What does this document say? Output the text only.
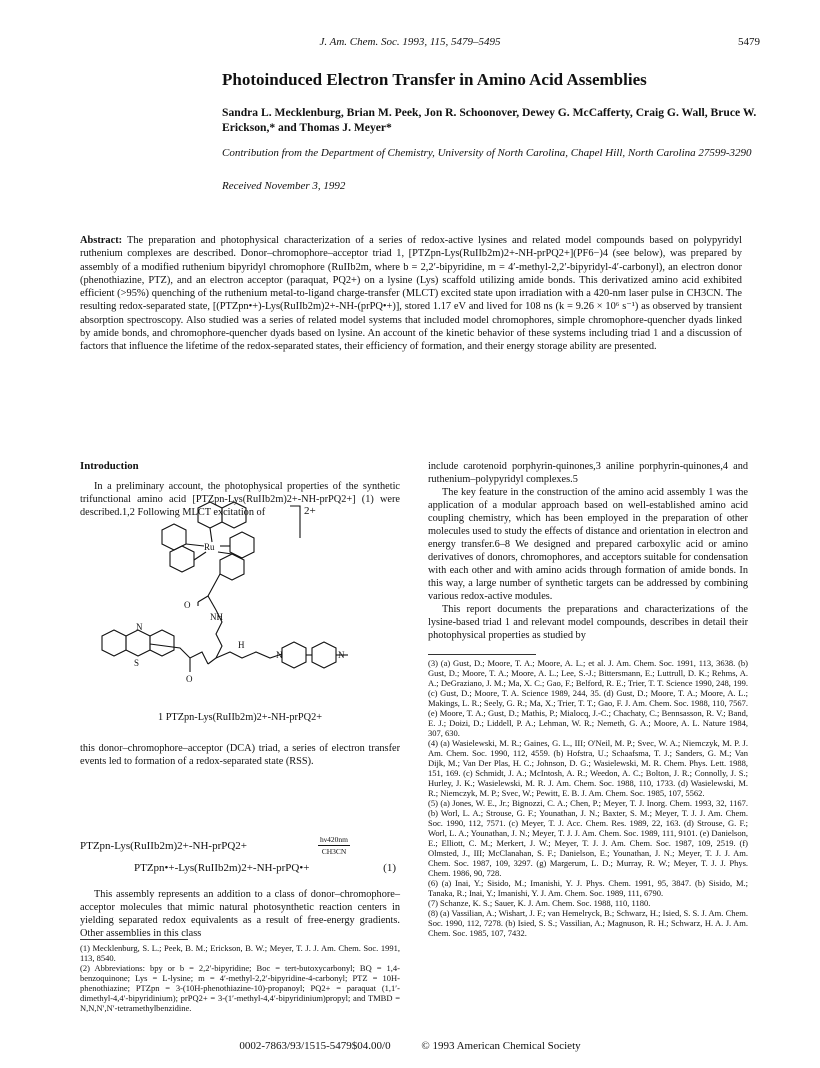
J. Am. Chem. Soc. 1993, 115, 5479–5495	5479
Photoinduced Electron Transfer in Amino Acid Assemblies
Sandra L. Mecklenburg, Brian M. Peek, Jon R. Schoonover, Dewey G. McCafferty, Craig G. Wall, Bruce W. Erickson,* and Thomas J. Meyer*
Contribution from the Department of Chemistry, University of North Carolina, Chapel Hill, North Carolina 27599-3290
Received November 3, 1992
Abstract: The preparation and photophysical characterization of a series of redox-active lysines and related model compounds based on polypyridyl ruthenium complexes are described. Donor–chromophore–acceptor triad 1, [PTZpn-Lys(RuIIb2m)2+-NH-prPQ2+](PF6−)4 (see below), was prepared by assembly of a modified ruthenium bipyridyl chromophore (RuIIb2m, where b = 2,2′-bipyridine, m = 4′-methyl-2,2′-bipyridyl-4′-carbonyl), an electron donor (phenothiazine, PTZ), and an electron acceptor (paraquat, PQ2+) on a lysine (Lys) scaffold utilizing amide bonds. This derivatized amino acid exhibited efficient (>95%) quenching of the ruthenium metal-to-ligand charge-transfer (MLCT) excited state upon irradiation with a 420-nm laser pulse in CH3CN. The resulting redox-separated state, [(PTZpn•+)-Lys(RuIIb2m)2+-NH-(prPQ•+)], stored 1.17 eV and lived for 108 ns (k = 9.26 × 10⁶ s⁻¹) as observed by transient absorption spectroscopy. Also studied was a series of related model systems that included model chromophores, simple chromophore-quencher dyads linked by amide bonds, and chromophore-quencher dyads based on lysine. An account of the kinetic behavior of these systems including triad 1 and a discussion of factors that influence the lifetime of the redox-separated states, their efficiency of formation, and their energy storage ability are presented.
Introduction
In a preliminary account, the photophysical properties of the synthetic trifunctional amino acid [PTZpn-Lys(RuIIb2m)2+-NH-prPQ2+] (1) were described.1,2 Following MLCT excitation of	2+
Ru
O
NH
S
N
O
H
N	N
1 PTZpn-Lys(RuIIb2m)2+-NH-prPQ2+
this donor–chromophore–acceptor (DCA) triad, a series of electron transfer events led to formation of a redox-separated state (RSS).
PTZpn-Lys(RuIIb2m)2+-NH-prPQ2+
hν420nm
CH3CN
PTZpn•+-Lys(RuIIb2m)2+-NH-prPQ•+	(1)
This assembly represents an addition to a class of donor–chromophore–acceptor molecules that mimic natural photosynthetic reaction centers in yielding separated redox equivalents as a result of free-energy gradients. Other assemblies in this class
(1) Mecklenburg, S. L.; Peek, B. M.; Erickson, B. W.; Meyer, T. J. J. Am. Chem. Soc. 1991, 113, 8540.
(2) Abbreviations: bpy or b = 2,2′-bipyridine; Boc = tert-butoxycarbonyl; BQ = 1,4-benzoquinone; Lys = L-lysine; m = 4′-methyl-2,2′-bipyridine-4-carbonyl; PTZ = 10H-phenothiazine; PTZpn = 3-(10H-phenothiazine-10)-propanoyl; PQ2+ = paraquat (1,1′-dimethyl-4,4′-bipyridinium); prPQ2+ = 3-(1′-methyl-4,4′-bipyridinium)propyl; and TMBD = N,N,N′,N′-tetramethylbenzidine.
include carotenoid porphyrin-quinones,3 aniline porphyrin-quinones,4 and ruthenium–polypyridyl complexes.5
The key feature in the construction of the amino acid assembly 1 was the application of a modular approach based on well-established amino acid coupling chemistry, which has been employed in the preparation of other molecules used to study the effects of distance and orientation in electron and energy transfer.6–8 We designed and prepared carboxylic acid or amino derivatives of donors, chromophores, and acceptors suitable for condensation with each other and with amino acids through formation of amide bonds. In this way, a large number of synthetic targets can be addressed by combining various redox-active modules.
This report documents the preparations and characterizations of the lysine-based triad 1 and relevant model compounds, describes in detail their photophysical properties as studied by
(3) (a) Gust, D.; Moore, T. A.; Moore, A. L.; et al. J. Am. Chem. Soc. 1991, 113, 3638. (b) Gust, D.; Moore, T. A.; Moore, A. L.; Lee, S.-J.; Bittersmann, E.; Luttrull, D. K.; Rehms, A. A.; DeGraziano, J. M.; Ma, X. C.; Gao, F.; Belford, R. E.; Trier, T. T. Science 1990, 248, 199. (c) Gust, D.; Moore, T. A. Science 1989, 244, 35. (d) Gust, D.; Moore, T. A.; Moore, A. L.; Makings, L. R.; Seely, G. R.; Ma, X.; Trier, T. T.; Gao, F. J. Am. Chem. Soc. 1988, 110, 7567. (e) Moore, T. A.; Gust, D.; Mathis, P.; Mialocq, J.-C.; Chachaty, C.; Bennsasson, R. V.; Band, E. J.; Doizi, D.; Liddell, P. A.; Lehman, W. R.; Nemeth, G. A.; Moore, A. L. Nature 1984, 307, 630.
(4) (a) Wasielewski, M. R.; Gaines, G. L., III; O'Neil, M. P.; Svec, W. A.; Niemczyk, M. P. J. Am. Chem. Soc. 1990, 112, 4559. (b) Hofstra, U.; Schaafsma, T. J.; Sanders, G. M.; Van Dijk, M.; Van Der Plas, H. C.; Johnson, D. G.; Wasielewski, M. R. Chem. Phys. Lett. 1988, 151, 169. (c) Schmidt, J. A.; McIntosh, A. R.; Weedon, A. C.; Bolton, J. R.; Connolly, J. S.; Hurley, J. K.; Wasielewski, M. R. J. Am. Chem. Soc. 1988, 110, 1733. (d) Wasielewski, M. R.; Niemczyk, M. P.; Svec, W.; Pewitt, E. B. J. Am. Chem. Soc. 1985, 107, 5562.
(5) (a) Jones, W. E., Jr.; Bignozzi, C. A.; Chen, P.; Meyer, T. J. Inorg. Chem. 1993, 32, 1167. (b) Worl, L. A.; Strouse, G. F.; Younathan, J. N.; Baxter, S. M.; Meyer, T. J. J. Am. Chem. Soc. 1990, 112, 7571. (c) Meyer, T. J. Acc. Chem. Res. 1989, 22, 163. (d) Strouse, G. F.; Worl, L. A.; Younathan, J. N.; Meyer, T. J. J. Am. Chem. Soc. 1989, 111, 9101. (e) Danielson, E.; Elliott, C. M.; Merkert, J. W.; Meyer, T. J. J. Am. Chem. Soc. 1987, 109, 2519. (f) Olmsted, J., III; McClanahan, S. F.; Danielson, E.; Younathan, J. N.; Meyer, T. J. J. Am. Chem. Soc. 1987, 109, 3297. (g) Margerum, L. D.; Murray, R. W.; Meyer, T. J. J. Phys. Chem. 1986, 90, 728.
(6) (a) Inai, Y.; Sisido, M.; Imanishi, Y. J. Phys. Chem. 1991, 95, 3847. (b) Sisido, M.; Tanaka, R.; Inai, Y.; Imanishi, Y. J. Am. Chem. Soc. 1989, 111, 6790.
(7) Schanze, K. S.; Sauer, K. J. Am. Chem. Soc. 1988, 110, 1180.
(8) (a) Vassilian, A.; Wishart, J. F.; van Hemelryck, B.; Schwarz, H.; Isied, S. S. J. Am. Chem. Soc. 1990, 112, 7278. (b) Isied, S. S.; Vassilian, A.; Magnuson, R. H.; Schwarz, H. A. J. Am. Chem. Soc. 1985, 107, 7432.
0002-7863/93/1515-5479$04.00/0	© 1993 American Chemical Society
